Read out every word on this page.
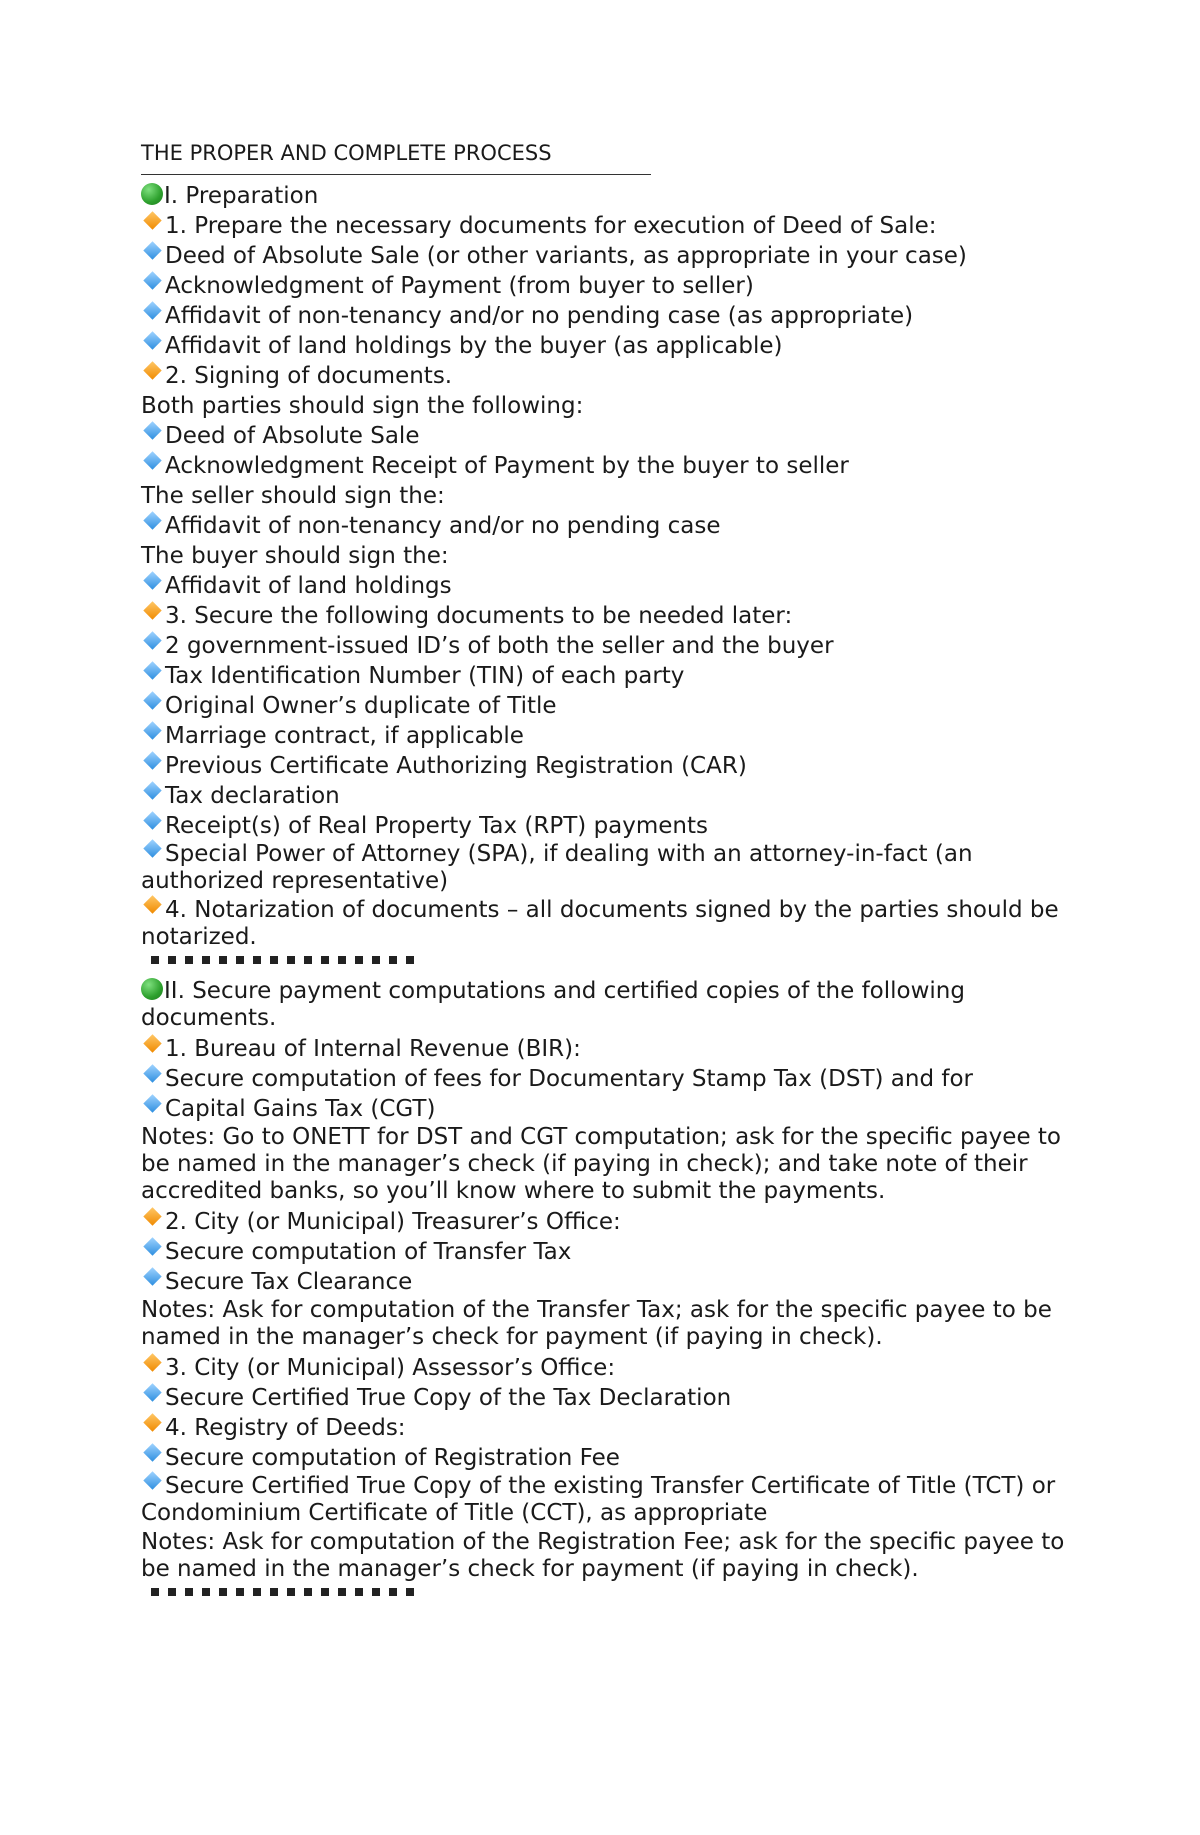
THE PROPER AND COMPLETE PROCESS
I. Preparation
1. Prepare the necessary documents for execution of Deed of Sale:
Deed of Absolute Sale (or other variants, as appropriate in your case)
Acknowledgment of Payment (from buyer to seller)
Affidavit of non-tenancy and/or no pending case (as appropriate)
Affidavit of land holdings by the buyer (as applicable)
2. Signing of documents.
Both parties should sign the following:
Deed of Absolute Sale
Acknowledgment Receipt of Payment by the buyer to seller
The seller should sign the:
Affidavit of non-tenancy and/or no pending case
The buyer should sign the:
Affidavit of land holdings
3. Secure the following documents to be needed later:
2 government-issued ID’s of both the seller and the buyer
Tax Identification Number (TIN) of each party
Original Owner’s duplicate of Title
Marriage contract, if applicable
Previous Certificate Authorizing Registration (CAR)
Tax declaration
Receipt(s) of Real Property Tax (RPT) payments
Special Power of Attorney (SPA), if dealing with an attorney-in-fact (an authorized representative)
4. Notarization of documents – all documents signed by the parties should be notarized.
II. Secure payment computations and certified copies of the following documents.
1. Bureau of Internal Revenue (BIR):
Secure computation of fees for Documentary Stamp Tax (DST) and for
Capital Gains Tax (CGT)
Notes: Go to ONETT for DST and CGT computation; ask for the specific payee to be named in the manager’s check (if paying in check); and take note of their accredited banks, so you’ll know where to submit the payments.
2. City (or Municipal) Treasurer’s Office:
Secure computation of Transfer Tax
Secure Tax Clearance
Notes: Ask for computation of the Transfer Tax; ask for the specific payee to be named in the manager’s check for payment (if paying in check).
3. City (or Municipal) Assessor’s Office:
Secure Certified True Copy of the Tax Declaration
4. Registry of Deeds:
Secure computation of Registration Fee
Secure Certified True Copy of the existing Transfer Certificate of Title (TCT) or Condominium Certificate of Title (CCT), as appropriate
Notes: Ask for computation of the Registration Fee; ask for the specific payee to be named in the manager’s check for payment (if paying in check).
